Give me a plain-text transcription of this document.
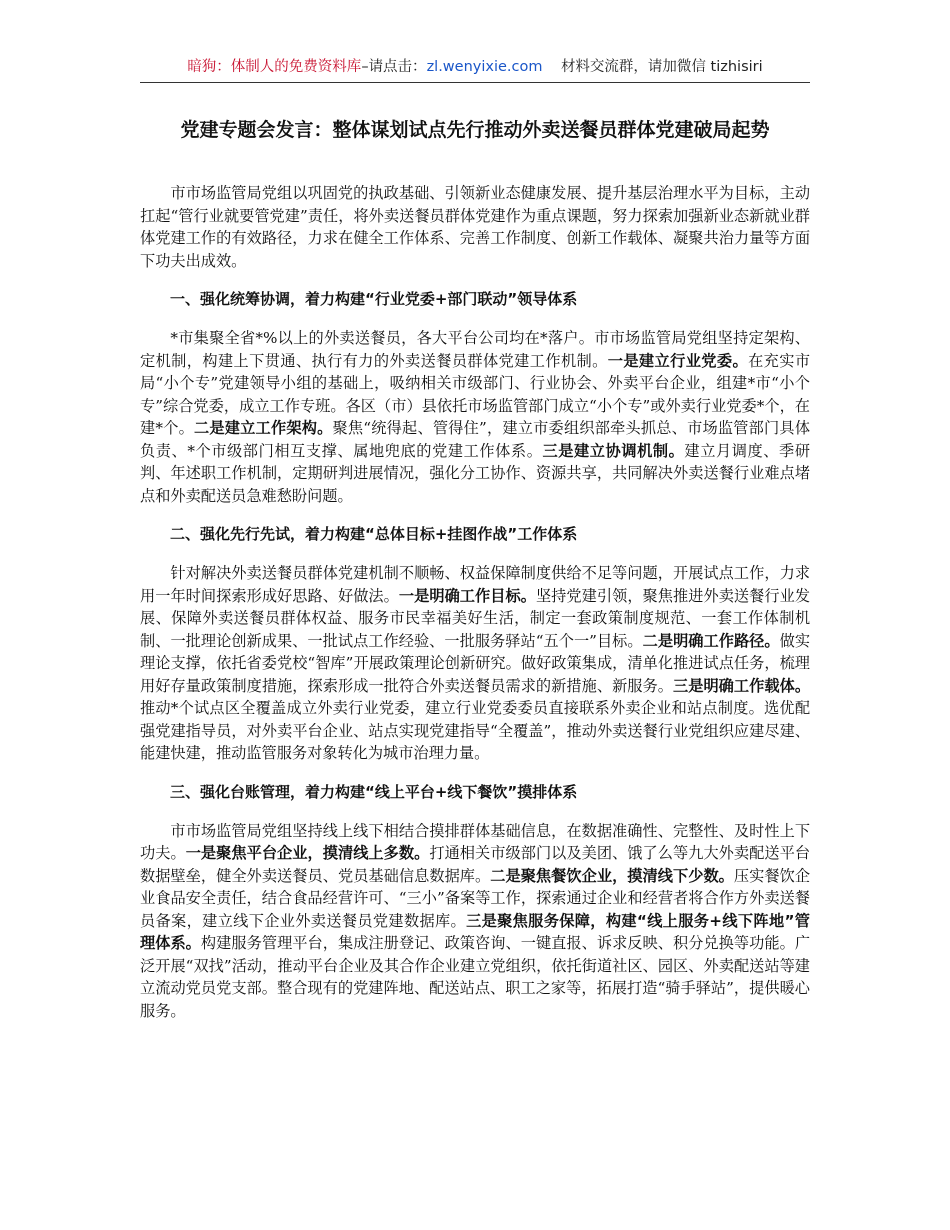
暗狗：体制人的免费资料库–请点击：zl.wenyixie.com 材料交流群，请加微信 tizhisiri
党建专题会发言：整体谋划试点先行推动外卖送餐员群体党建破局起势

市市场监管局党组以巩固党的执政基础、引领新业态健康发展、提升基层治理水平为目标，主动扛起“管行业就要管党建”责任，将外卖送餐员群体党建作为重点课题，努力探索加强新业态新就业群体党建工作的有效路径，力求在健全工作体系、完善工作制度、创新工作载体、凝聚共治力量等方面下功夫出成效。

一、强化统筹协调，着力构建“行业党委+部门联动”领导体系

*市集聚全省*%以上的外卖送餐员，各大平台公司均在*落户。市市场监管局党组坚持定架构、定机制，构建上下贯通、执行有力的外卖送餐员群体党建工作机制。一是建立行业党委。在充实市局“小个专”党建领导小组的基础上，吸纳相关市级部门、行业协会、外卖平台企业，组建*市“小个专”综合党委，成立工作专班。各区（市）县依托市场监管部门成立“小个专”或外卖行业党委*个，在建*个。二是建立工作架构。聚焦“统得起、管得住”，建立市委组织部牵头抓总、市场监管部门具体负责、*个市级部门相互支撑、属地兜底的党建工作体系。三是建立协调机制。建立月调度、季研判、年述职工作机制，定期研判进展情况，强化分工协作、资源共享，共同解决外卖送餐行业难点堵点和外卖配送员急难愁盼问题。

二、强化先行先试，着力构建“总体目标+挂图作战”工作体系

针对解决外卖送餐员群体党建机制不顺畅、权益保障制度供给不足等问题，开展试点工作，力求用一年时间探索形成好思路、好做法。一是明确工作目标。坚持党建引领，聚焦推进外卖送餐行业发展、保障外卖送餐员群体权益、服务市民幸福美好生活，制定一套政策制度规范、一套工作体制机制、一批理论创新成果、一批试点工作经验、一批服务驿站“五个一”目标。二是明确工作路径。做实理论支撑，依托省委党校“智库”开展政策理论创新研究。做好政策集成，清单化推进试点任务，梳理用好存量政策制度措施，探索形成一批符合外卖送餐员需求的新措施、新服务。三是明确工作载体。推动*个试点区全覆盖成立外卖行业党委，建立行业党委委员直接联系外卖企业和站点制度。选优配强党建指导员，对外卖平台企业、站点实现党建指导“全覆盖”，推动外卖送餐行业党组织应建尽建、能建快建，推动监管服务对象转化为城市治理力量。

三、强化台账管理，着力构建“线上平台+线下餐饮”摸排体系

市市场监管局党组坚持线上线下相结合摸排群体基础信息，在数据准确性、完整性、及时性上下功夫。一是聚焦平台企业，摸清线上多数。打通相关市级部门以及美团、饿了么等九大外卖配送平台数据壁垒，健全外卖送餐员、党员基础信息数据库。二是聚焦餐饮企业，摸清线下少数。压实餐饮企业食品安全责任，结合食品经营许可、“三小”备案等工作，探索通过企业和经营者将合作方外卖送餐员备案，建立线下企业外卖送餐员党建数据库。三是聚焦服务保障，构建“线上服务+线下阵地”管理体系。构建服务管理平台，集成注册登记、政策咨询、一键直报、诉求反映、积分兑换等功能。广泛开展“双找”活动，推动平台企业及其合作企业建立党组织，依托街道社区、园区、外卖配送站等建立流动党员党支部。整合现有的党建阵地、配送站点、职工之家等，拓展打造“骑手驿站”，提供暖心服务。
